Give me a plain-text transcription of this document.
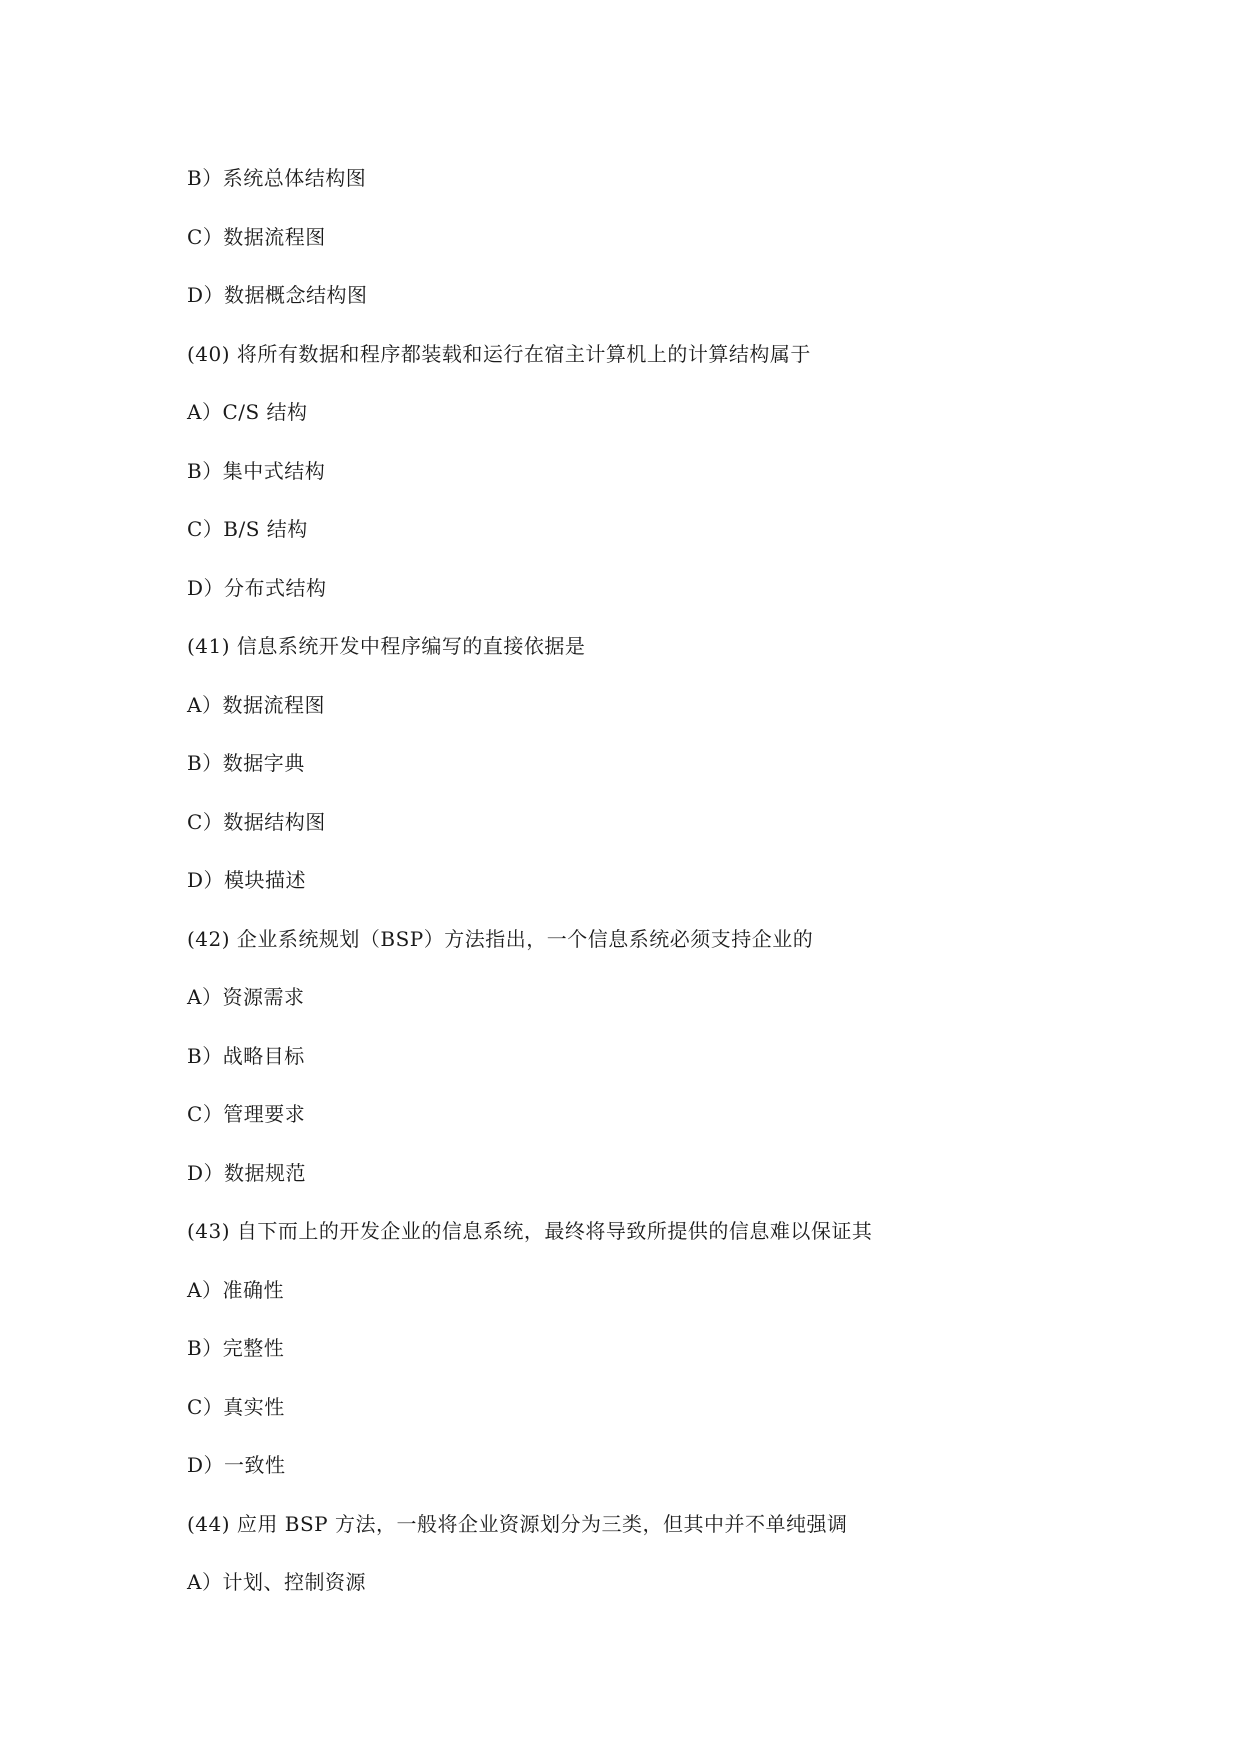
B）系统总体结构图
C）数据流程图
D）数据概念结构图
(40) 将所有数据和程序都装载和运行在宿主计算机上的计算结构属于
A）C/S 结构
B）集中式结构
C）B/S 结构
D）分布式结构
(41) 信息系统开发中程序编写的直接依据是
A）数据流程图
B）数据字典
C）数据结构图
D）模块描述
(42) 企业系统规划（BSP）方法指出，一个信息系统必须支持企业的
A）资源需求
B）战略目标
C）管理要求
D）数据规范
(43) 自下而上的开发企业的信息系统，最终将导致所提供的信息难以保证其
A）准确性
B）完整性
C）真实性
D）一致性
(44) 应用 BSP 方法，一般将企业资源划分为三类，但其中并不单纯强调
A）计划、控制资源
